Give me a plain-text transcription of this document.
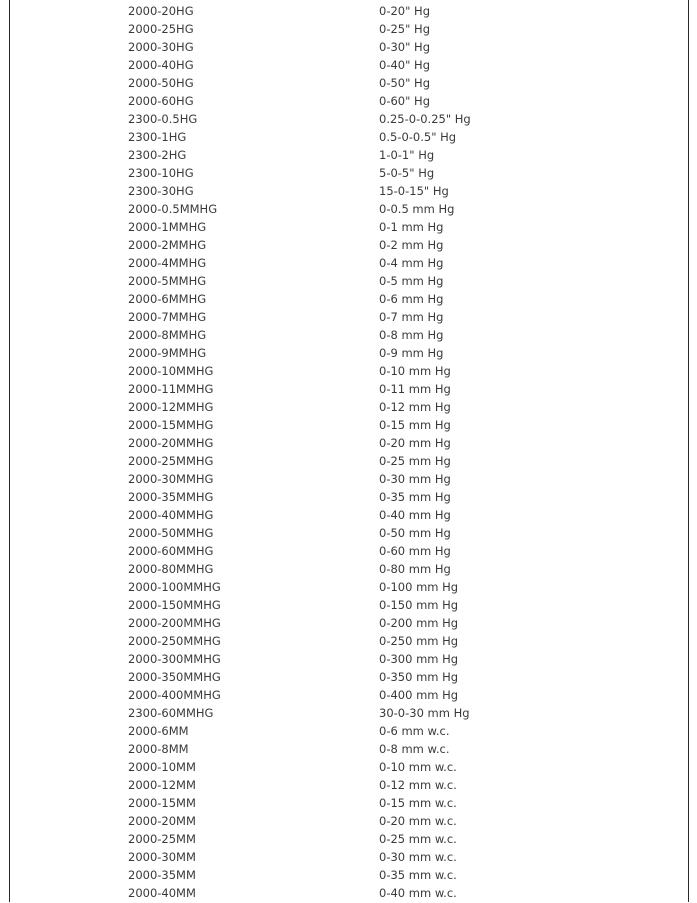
2000-20HG	0-20" Hg
2000-25HG	0-25" Hg
2000-30HG	0-30" Hg
2000-40HG	0-40" Hg
2000-50HG	0-50" Hg
2000-60HG	0-60" Hg
2300-0.5HG	0.25-0-0.25" Hg
2300-1HG	0.5-0-0.5" Hg
2300-2HG	1-0-1" Hg
2300-10HG	5-0-5" Hg
2300-30HG	15-0-15" Hg
2000-0.5MMHG	0-0.5 mm Hg
2000-1MMHG	0-1 mm Hg
2000-2MMHG	0-2 mm Hg
2000-4MMHG	0-4 mm Hg
2000-5MMHG	0-5 mm Hg
2000-6MMHG	0-6 mm Hg
2000-7MMHG	0-7 mm Hg
2000-8MMHG	0-8 mm Hg
2000-9MMHG	0-9 mm Hg
2000-10MMHG	0-10 mm Hg
2000-11MMHG	0-11 mm Hg
2000-12MMHG	0-12 mm Hg
2000-15MMHG	0-15 mm Hg
2000-20MMHG	0-20 mm Hg
2000-25MMHG	0-25 mm Hg
2000-30MMHG	0-30 mm Hg
2000-35MMHG	0-35 mm Hg
2000-40MMHG	0-40 mm Hg
2000-50MMHG	0-50 mm Hg
2000-60MMHG	0-60 mm Hg
2000-80MMHG	0-80 mm Hg
2000-100MMHG	0-100 mm Hg
2000-150MMHG	0-150 mm Hg
2000-200MMHG	0-200 mm Hg
2000-250MMHG	0-250 mm Hg
2000-300MMHG	0-300 mm Hg
2000-350MMHG	0-350 mm Hg
2000-400MMHG	0-400 mm Hg
2300-60MMHG	30-0-30 mm Hg
2000-6MM	0-6 mm w.c.
2000-8MM	0-8 mm w.c.
2000-10MM	0-10 mm w.c.
2000-12MM	0-12 mm w.c.
2000-15MM	0-15 mm w.c.
2000-20MM	0-20 mm w.c.
2000-25MM	0-25 mm w.c.
2000-30MM	0-30 mm w.c.
2000-35MM	0-35 mm w.c.
2000-40MM	0-40 mm w.c.
